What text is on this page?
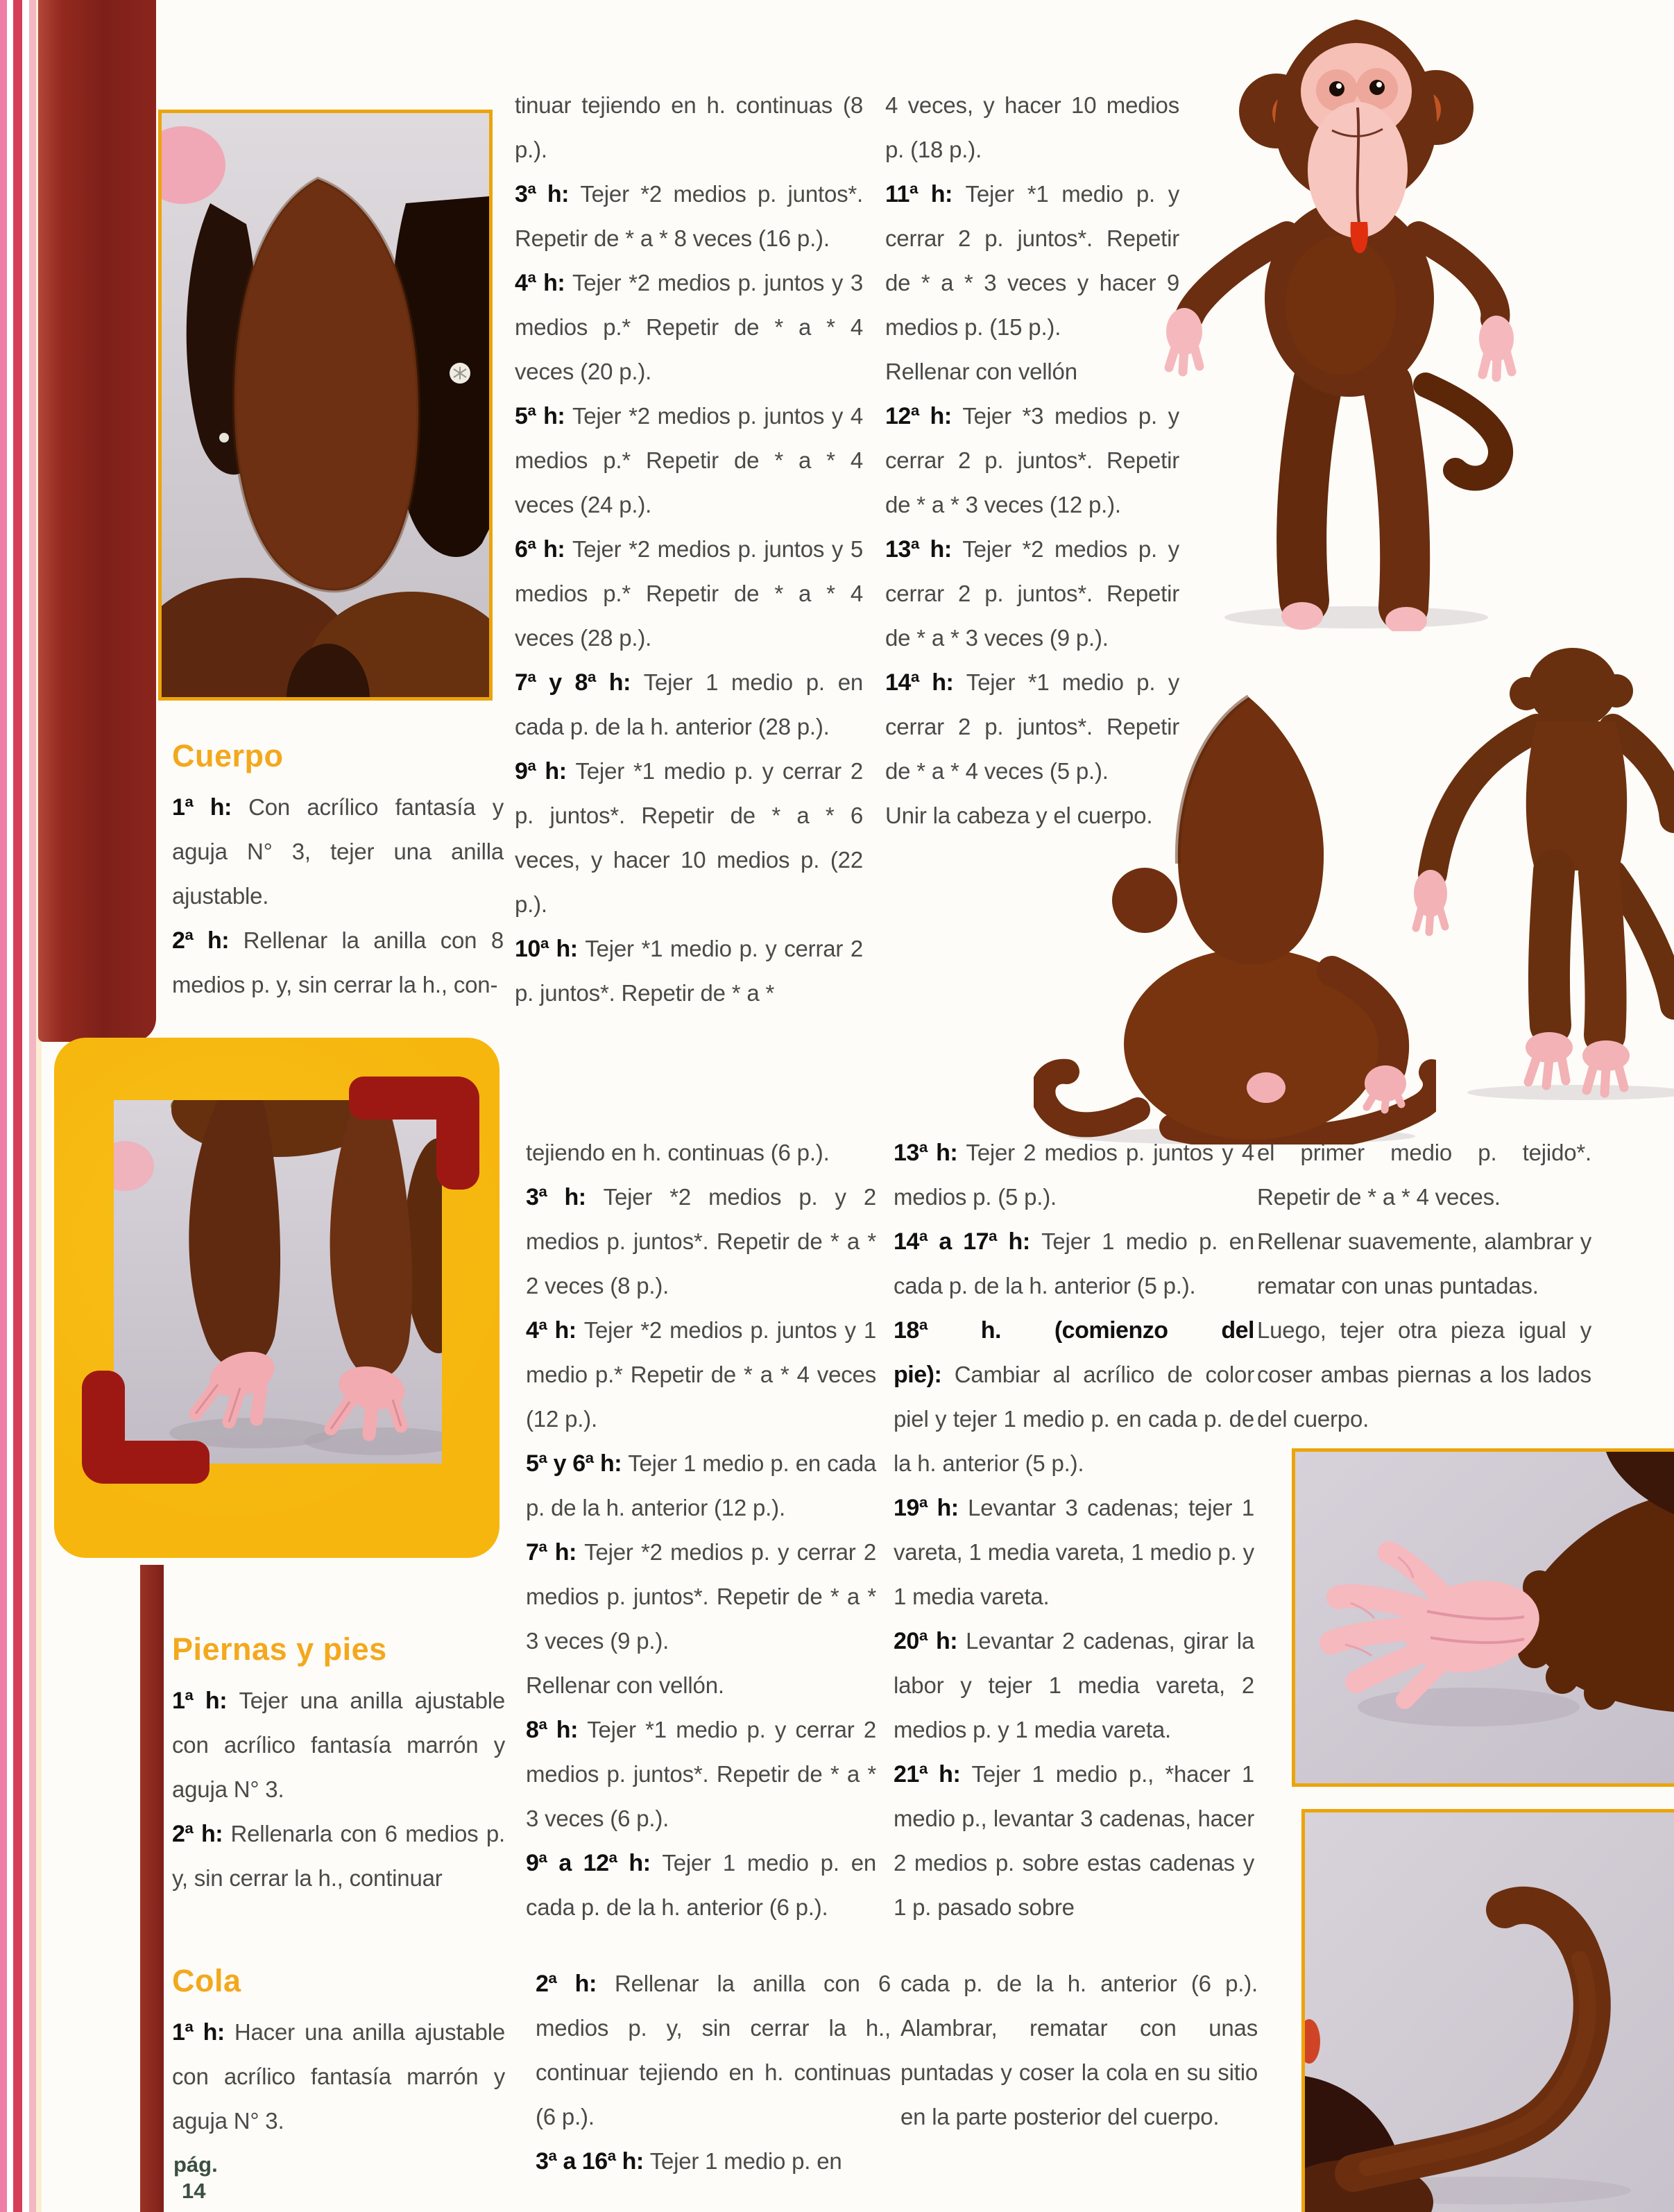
Cuerpo

1ª h: Con acrílico fantasía y aguja N° 3, tejer una anilla ajustable.

2ª h: Rellenar la anilla con 8 medios p. y, sin cerrar la h., con-

tinuar tejiendo en h. continuas (8 p.).

3ª h: Tejer *2 medios p. juntos*. Repetir de * a * 8 veces (16 p.).

4ª h: Tejer *2 medios p. juntos y 3 medios p.* Repetir de * a * 4 veces (20 p.).

5ª h: Tejer *2 medios p. juntos y 4 medios p.* Repetir de * a * 4 veces (24 p.).

6ª h: Tejer *2 medios p. juntos y 5 medios p.* Repetir de * a * 4 veces (28 p.).

7ª y 8ª h: Tejer 1 medio p. en cada p. de la h. anterior (28 p.).

9ª h: Tejer *1 medio p. y cerrar 2 p. juntos*. Repetir de * a * 6 veces, y hacer 10 medios p. (22 p.).

10ª h: Tejer *1 medio p. y cerrar 2 p. juntos*. Repetir de * a *

4 veces, y hacer 10 medios p. (18 p.).

11ª h: Tejer *1 medio p. y cerrar 2 p. juntos*. Repetir de * a * 3 veces y hacer 9 medios p. (15 p.).

Rellenar con vellón

12ª h: Tejer *3 medios p. y cerrar 2 p. juntos*. Repetir de * a * 3 veces (12 p.).

13ª h: Tejer *2 medios p. y cerrar 2 p. juntos*. Repetir de * a * 3 veces (9 p.).

14ª h: Tejer *1 medio p. y cerrar 2 p. juntos*. Repetir de * a * 4 veces (5 p.).

Unir la cabeza y el cuerpo.

Piernas y pies

1ª h: Tejer una anilla ajustable con acrílico fantasía marrón y aguja N° 3.

2ª h: Rellenarla con 6 medios p. y, sin cerrar la h., continuar

tejiendo en h. continuas (6 p.).

3ª h: Tejer *2 medios p. y 2 medios p. juntos*. Repetir de * a * 2 veces (8 p.).

4ª h: Tejer *2 medios p. juntos y 1 medio p.* Repetir de * a * 4 veces (12 p.).

5ª y 6ª h: Tejer 1 medio p. en cada p. de la h. anterior (12 p.).

7ª h: Tejer *2 medios p. y cerrar 2 medios p. juntos*. Repetir de * a * 3 veces (9 p.).

Rellenar con vellón.

8ª h: Tejer *1 medio p. y cerrar 2 medios p. juntos*. Repetir de * a * 3 veces (6 p.).

9ª a 12ª h: Tejer 1 medio p. en cada p. de la h. anterior (6 p.).

13ª h: Tejer 2 medios p. juntos y 4 medios p. (5 p.).

14ª a 17ª h: Tejer 1 medio p. en cada p. de la h. anterior (5 p.).

18ª h. (comienzo del pie): Cambiar al acrílico de color piel y tejer 1 medio p. en cada p. de la h. anterior (5 p.).

19ª h: Levantar 3 cadenas; tejer 1 vareta, 1 media vareta, 1 medio p. y 1 media vareta.

20ª h: Levantar 2 cadenas, girar la labor y tejer 1 media vareta, 2 medios p. y 1 media vareta.

21ª h: Tejer 1 medio p., *hacer 1 medio p., levantar 3 cadenas, hacer 2 medios p. sobre estas cadenas y 1 p. pasado sobre

el primer medio p. tejido*. Repetir de * a * 4 veces.

Rellenar suavemente, alambrar y rematar con unas puntadas.

Luego, tejer otra pieza igual y coser ambas piernas a los lados del cuerpo.

Cola

1ª h: Hacer una anilla ajustable con acrílico fantasía marrón y aguja N° 3.

2ª h: Rellenar la anilla con 6 medios p. y, sin cerrar la h., continuar tejiendo en h. continuas (6 p.).

3ª a 16ª h: Tejer 1 medio p. en

cada p. de la h. anterior (6 p.). Alambrar, rematar con unas puntadas y coser la cola en su sitio en la parte posterior del cuerpo.

pág.
14
